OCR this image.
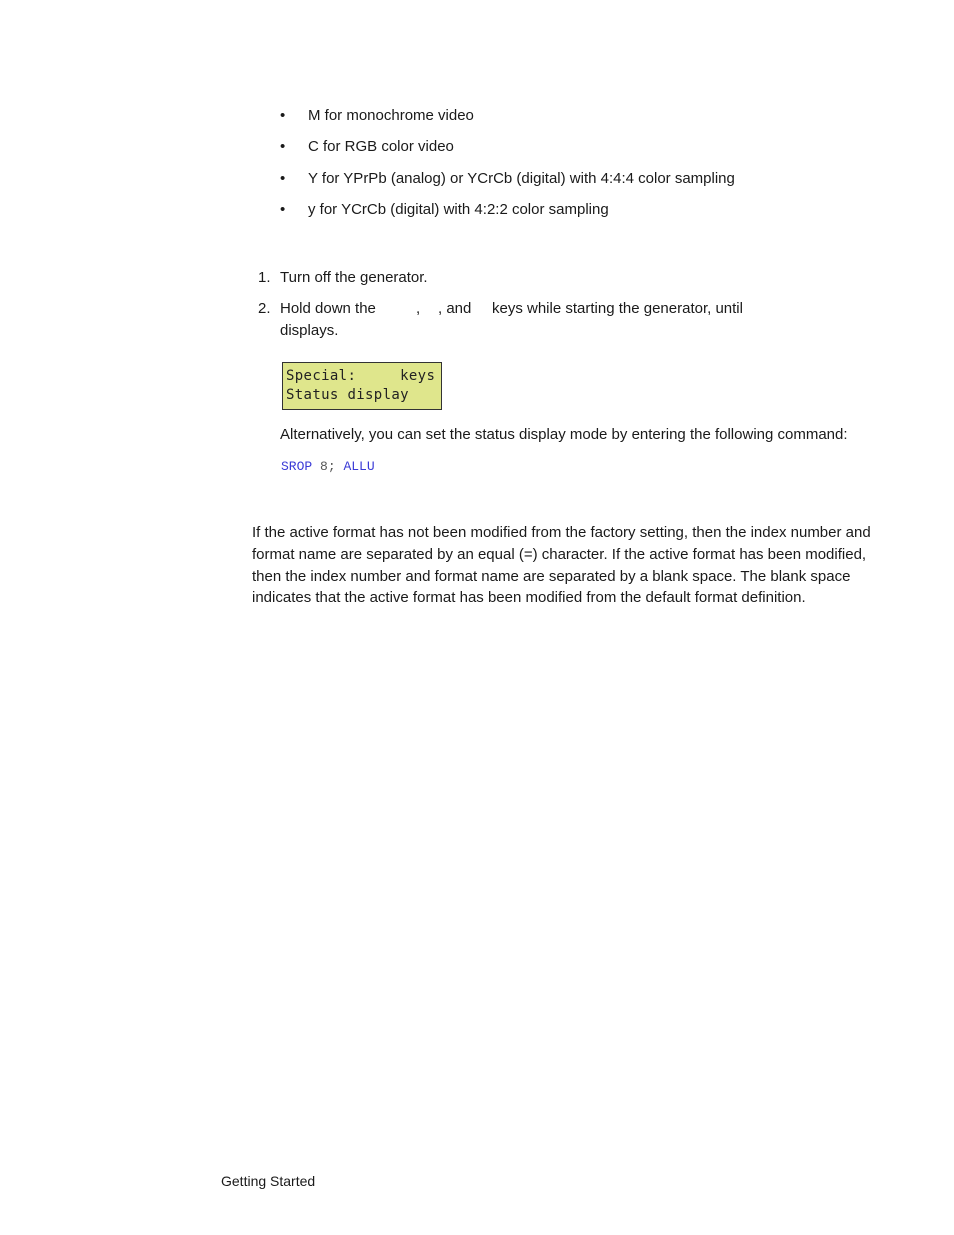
• M for monochrome video
• C for RGB color video
• Y for YPrPb (analog) or YCrCb (digital) with 4:4:4 color sampling
• y for YCrCb (digital) with 4:2:2 color sampling
1. Turn off the generator.
2. Hold down the	, , and keys while starting the generator, until
displays.
Special:     keys
Status display
Alternatively, you can set the status display mode by entering the following command:
SROP 8; ALLU
If the active format has not been modified from the factory setting, then the index number and format name are separated by an equal (=) character. If the active format has been modified, then the index number and format name are separated by a blank space. The blank space indicates that the active format has been modified from the default format definition.
Getting Started
